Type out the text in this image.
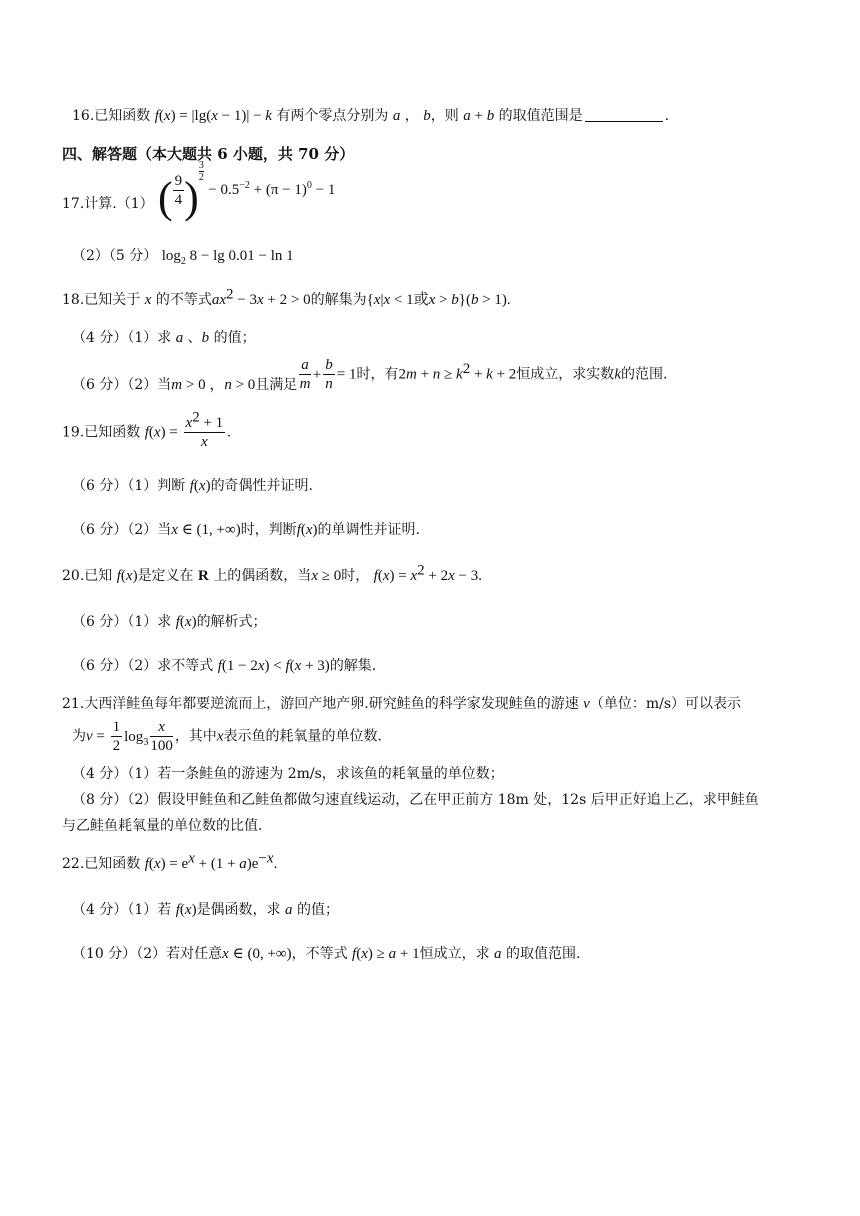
16.已知函数 f(x) = |lg(x − 1)| − k 有两个零点分别为 a ， b，则 a + b 的取值范围是	.
四、解答题（本大题共 6 小题，共 70 分）
17.计算.（1） ( $\frac{9}{4}$ )
$\frac{3}{2}$
− $0.5^{-2} + (\pi - 1)^0 - 1$
（2）（5 分） $\log_2 8 - \lg 0.01 - \ln 1$
18.已知关于 x 的不等式$ax^2 - 3x + 2 > 0$的解集为{x|x < 1或x > b}(b > 1).
（4 分）（1）求 a 、b 的值；
（6 分）（2）当m > 0 ，n > 0且满足 $\frac{a}{m} + \frac{b}{n} = 1$时，有$2m + n \ge k^2 + k + 2$恒成立，求实数k的范围.
19.已知函数 $f(x) = \frac{x^2 + 1}{x}$ .
（6 分）（1）判断 f(x)的奇偶性并证明.
（6 分）（2）当x ∈ (1, +∞)时，判断f(x)的单调性并证明.
20.已知 f(x)是定义在 R 上的偶函数，当x ≥ 0时， $f(x) = x^2 + 2x - 3$.
（6 分）（1）求 f(x)的解析式；
（6 分）（2）求不等式 f(1 − 2x) < f(x + 3)的解集.
21.大西洋鲑鱼每年都要逆流而上，游回产地产卵.研究鲑鱼的科学家发现鲑鱼的游速 v（单位：m/s）可以表示
为$v = \frac{1}{2} \log_3 \frac{x}{100}$ ，其中x表示鱼的耗氧量的单位数.
（4 分）（1）若一条鲑鱼的游速为 2m/s，求该鱼的耗氧量的单位数；
（8 分）（2）假设甲鲑鱼和乙鲑鱼都做匀速直线运动，乙在甲正前方 18m 处，12s 后甲正好追上乙，求甲鲑鱼
与乙鲑鱼耗氧量的单位数的比值.
22.已知函数 $f(x) = e^x + (1 + a)e^{-x}$.
（4 分）（1）若 f(x)是偶函数，求 a 的值；
（10 分）（2）若对任意x ∈ (0, +∞)，不等式 f(x) ≥ a + 1恒成立，求 a 的取值范围.
